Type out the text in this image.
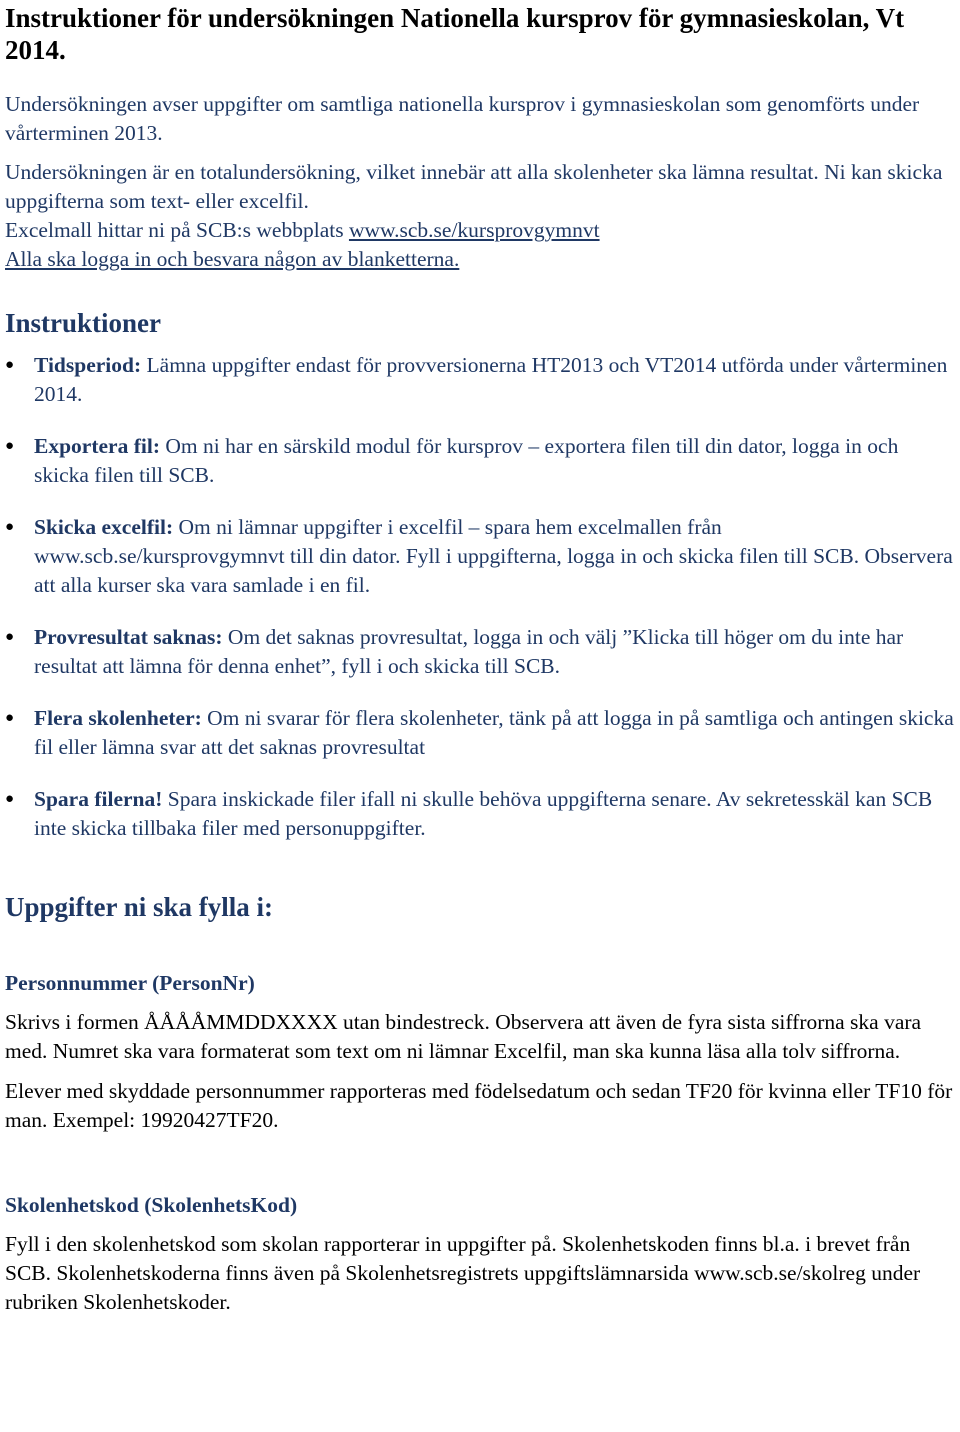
Instruktioner för undersökningen Nationella kursprov för gymnasieskolan, Vt 2014.

Undersökningen avser uppgifter om samtliga nationella kursprov i gymnasieskolan som genomförts under vårterminen 2013.

Undersökningen är en totalundersökning, vilket innebär att alla skolenheter ska lämna resultat. Ni kan skicka uppgifterna som text- eller excelfil.
Excelmall hittar ni på SCB:s webbplats www.scb.se/kursprovgymnvt

Alla ska logga in och besvara någon av blanketterna.

Instruktioner
● Tidsperiod: Lämna uppgifter endast för provversionerna HT2013 och VT2014 utförda under vårterminen 2014.
● Exportera fil: Om ni har en särskild modul för kursprov – exportera filen till din dator, logga in och skicka filen till SCB.
● Skicka excelfil: Om ni lämnar uppgifter i excelfil – spara hem excelmallen från www.scb.se/kursprovgymnvt till din dator. Fyll i uppgifterna, logga in och skicka filen till SCB. Observera att alla kurser ska vara samlade i en fil.
● Provresultat saknas: Om det saknas provresultat, logga in och välj ”Klicka till höger om du inte har resultat att lämna för denna enhet”, fyll i och skicka till SCB.
● Flera skolenheter: Om ni svarar för flera skolenheter, tänk på att logga in på samtliga och antingen skicka fil eller lämna svar att det saknas provresultat
● Spara filerna! Spara inskickade filer ifall ni skulle behöva uppgifterna senare. Av sekretesskäl kan SCB inte skicka tillbaka filer med personuppgifter.
Uppgifter ni ska fylla i:
Personnummer (PersonNr)

Skrivs i formen ÅÅÅÅMMDDXXXX utan bindestreck. Observera att även de fyra sista siffrorna ska vara med. Numret ska vara formaterat som text om ni lämnar Excelfil, man ska kunna läsa alla tolv siffrorna.

Elever med skyddade personnummer rapporteras med födelsedatum och sedan TF20 för kvinna eller TF10 för man. Exempel: 19920427TF20.

Skolenhetskod (SkolenhetsKod)

Fyll i den skolenhetskod som skolan rapporterar in uppgifter på. Skolenhetskoden finns bl.a. i brevet från SCB. Skolenhetskoderna finns även på Skolenhetsregistrets uppgiftslämnarsida www.scb.se/skolreg under rubriken Skolenhetskoder.
